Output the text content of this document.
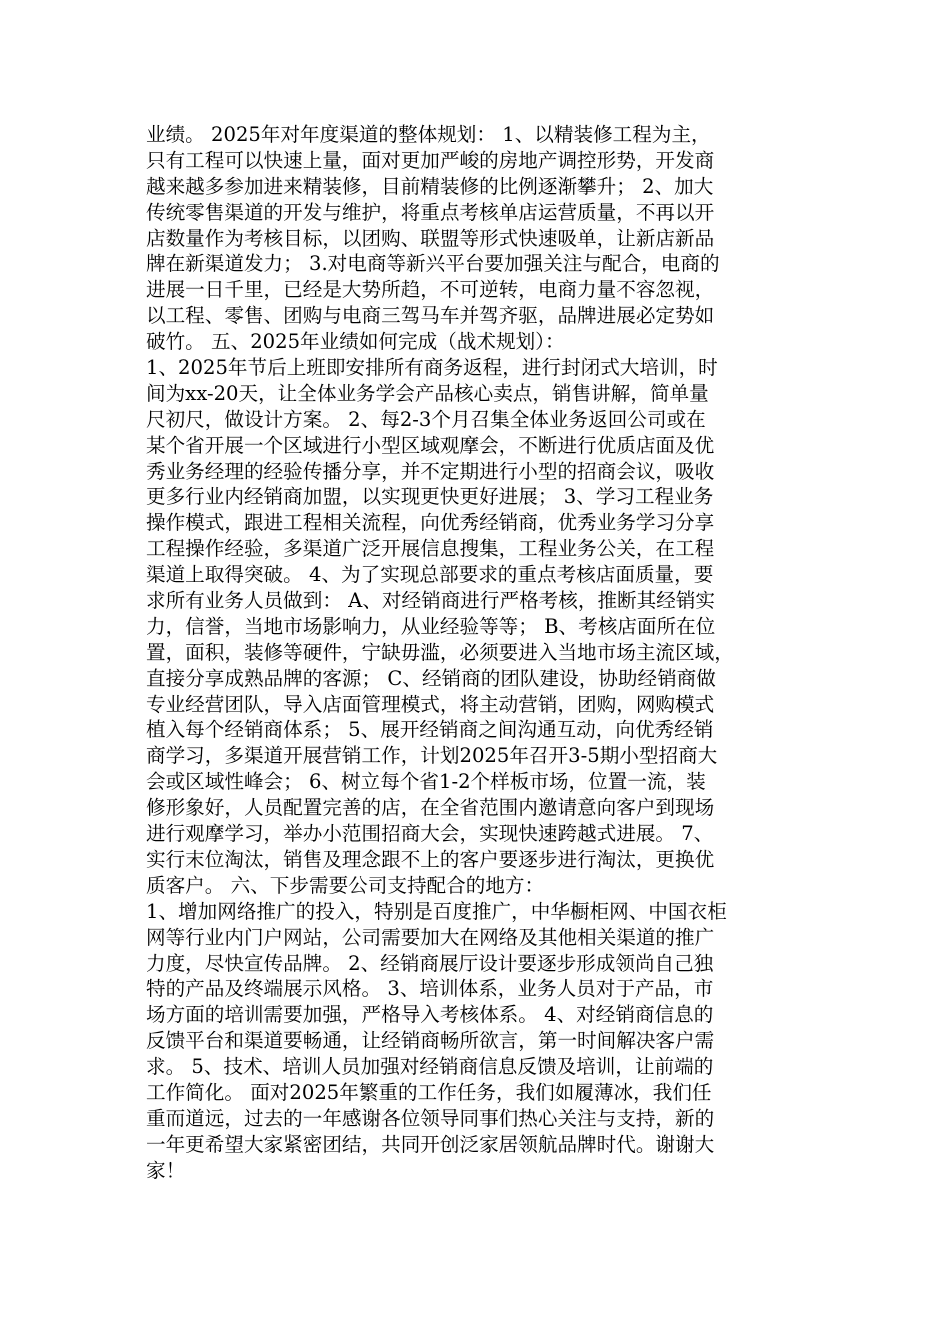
业绩。 2025年对年度渠道的整体规划： 1、以精装修工程为主，
只有工程可以快速上量，面对更加严峻的房地产调控形势，开发商
越来越多参加进来精装修，目前精装修的比例逐渐攀升； 2、加大
传统零售渠道的开发与维护，将重点考核单店运营质量，不再以开
店数量作为考核目标，以团购、联盟等形式快速吸单，让新店新品
牌在新渠道发力； 3.对电商等新兴平台要加强关注与配合，电商的
进展一日千里，已经是大势所趋，不可逆转，电商力量不容忽视，
以工程、零售、团购与电商三驾马车并驾齐驱，品牌进展必定势如
破竹。 五、2025年业绩如何完成（战术规划）：
1、2025年节后上班即安排所有商务返程，进行封闭式大培训，时
间为xx-20天，让全体业务学会产品核心卖点，销售讲解，简单量
尺初尺，做设计方案。 2、每2-3个月召集全体业务返回公司或在
某个省开展一个区域进行小型区域观摩会，不断进行优质店面及优
秀业务经理的经验传播分享，并不定期进行小型的招商会议，吸收
更多行业内经销商加盟，以实现更快更好进展； 3、学习工程业务
操作模式，跟进工程相关流程，向优秀经销商，优秀业务学习分享
工程操作经验，多渠道广泛开展信息搜集，工程业务公关，在工程
渠道上取得突破。 4、为了实现总部要求的重点考核店面质量，要
求所有业务人员做到： A、对经销商进行严格考核，推断其经销实
力，信誉，当地市场影响力，从业经验等等； B、考核店面所在位
置，面积，装修等硬件，宁缺毋滥，必须要进入当地市场主流区域，
直接分享成熟品牌的客源； C、经销商的团队建设，协助经销商做
专业经营团队，导入店面管理模式，将主动营销，团购，网购模式
植入每个经销商体系； 5、展开经销商之间沟通互动，向优秀经销
商学习，多渠道开展营销工作，计划2025年召开3-5期小型招商大
会或区域性峰会； 6、树立每个省1-2个样板市场，位置一流，装
修形象好，人员配置完善的店，在全省范围内邀请意向客户到现场
进行观摩学习，举办小范围招商大会，实现快速跨越式进展。 7、
实行末位淘汰，销售及理念跟不上的客户要逐步进行淘汰，更换优
质客户。 六、下步需要公司支持配合的地方：
1、增加网络推广的投入，特别是百度推广，中华橱柜网、中国衣柜
网等行业内门户网站，公司需要加大在网络及其他相关渠道的推广
力度，尽快宣传品牌。 2、经销商展厅设计要逐步形成领尚自己独
特的产品及终端展示风格。 3、培训体系，业务人员对于产品，市
场方面的培训需要加强，严格导入考核体系。 4、对经销商信息的
反馈平台和渠道要畅通，让经销商畅所欲言，第一时间解决客户需
求。 5、技术、培训人员加强对经销商信息反馈及培训，让前端的
工作简化。 面对2025年繁重的工作任务，我们如履薄冰，我们任
重而道远，过去的一年感谢各位领导同事们热心关注与支持，新的
一年更希望大家紧密团结，共同开创泛家居领航品牌时代。谢谢大
家！
